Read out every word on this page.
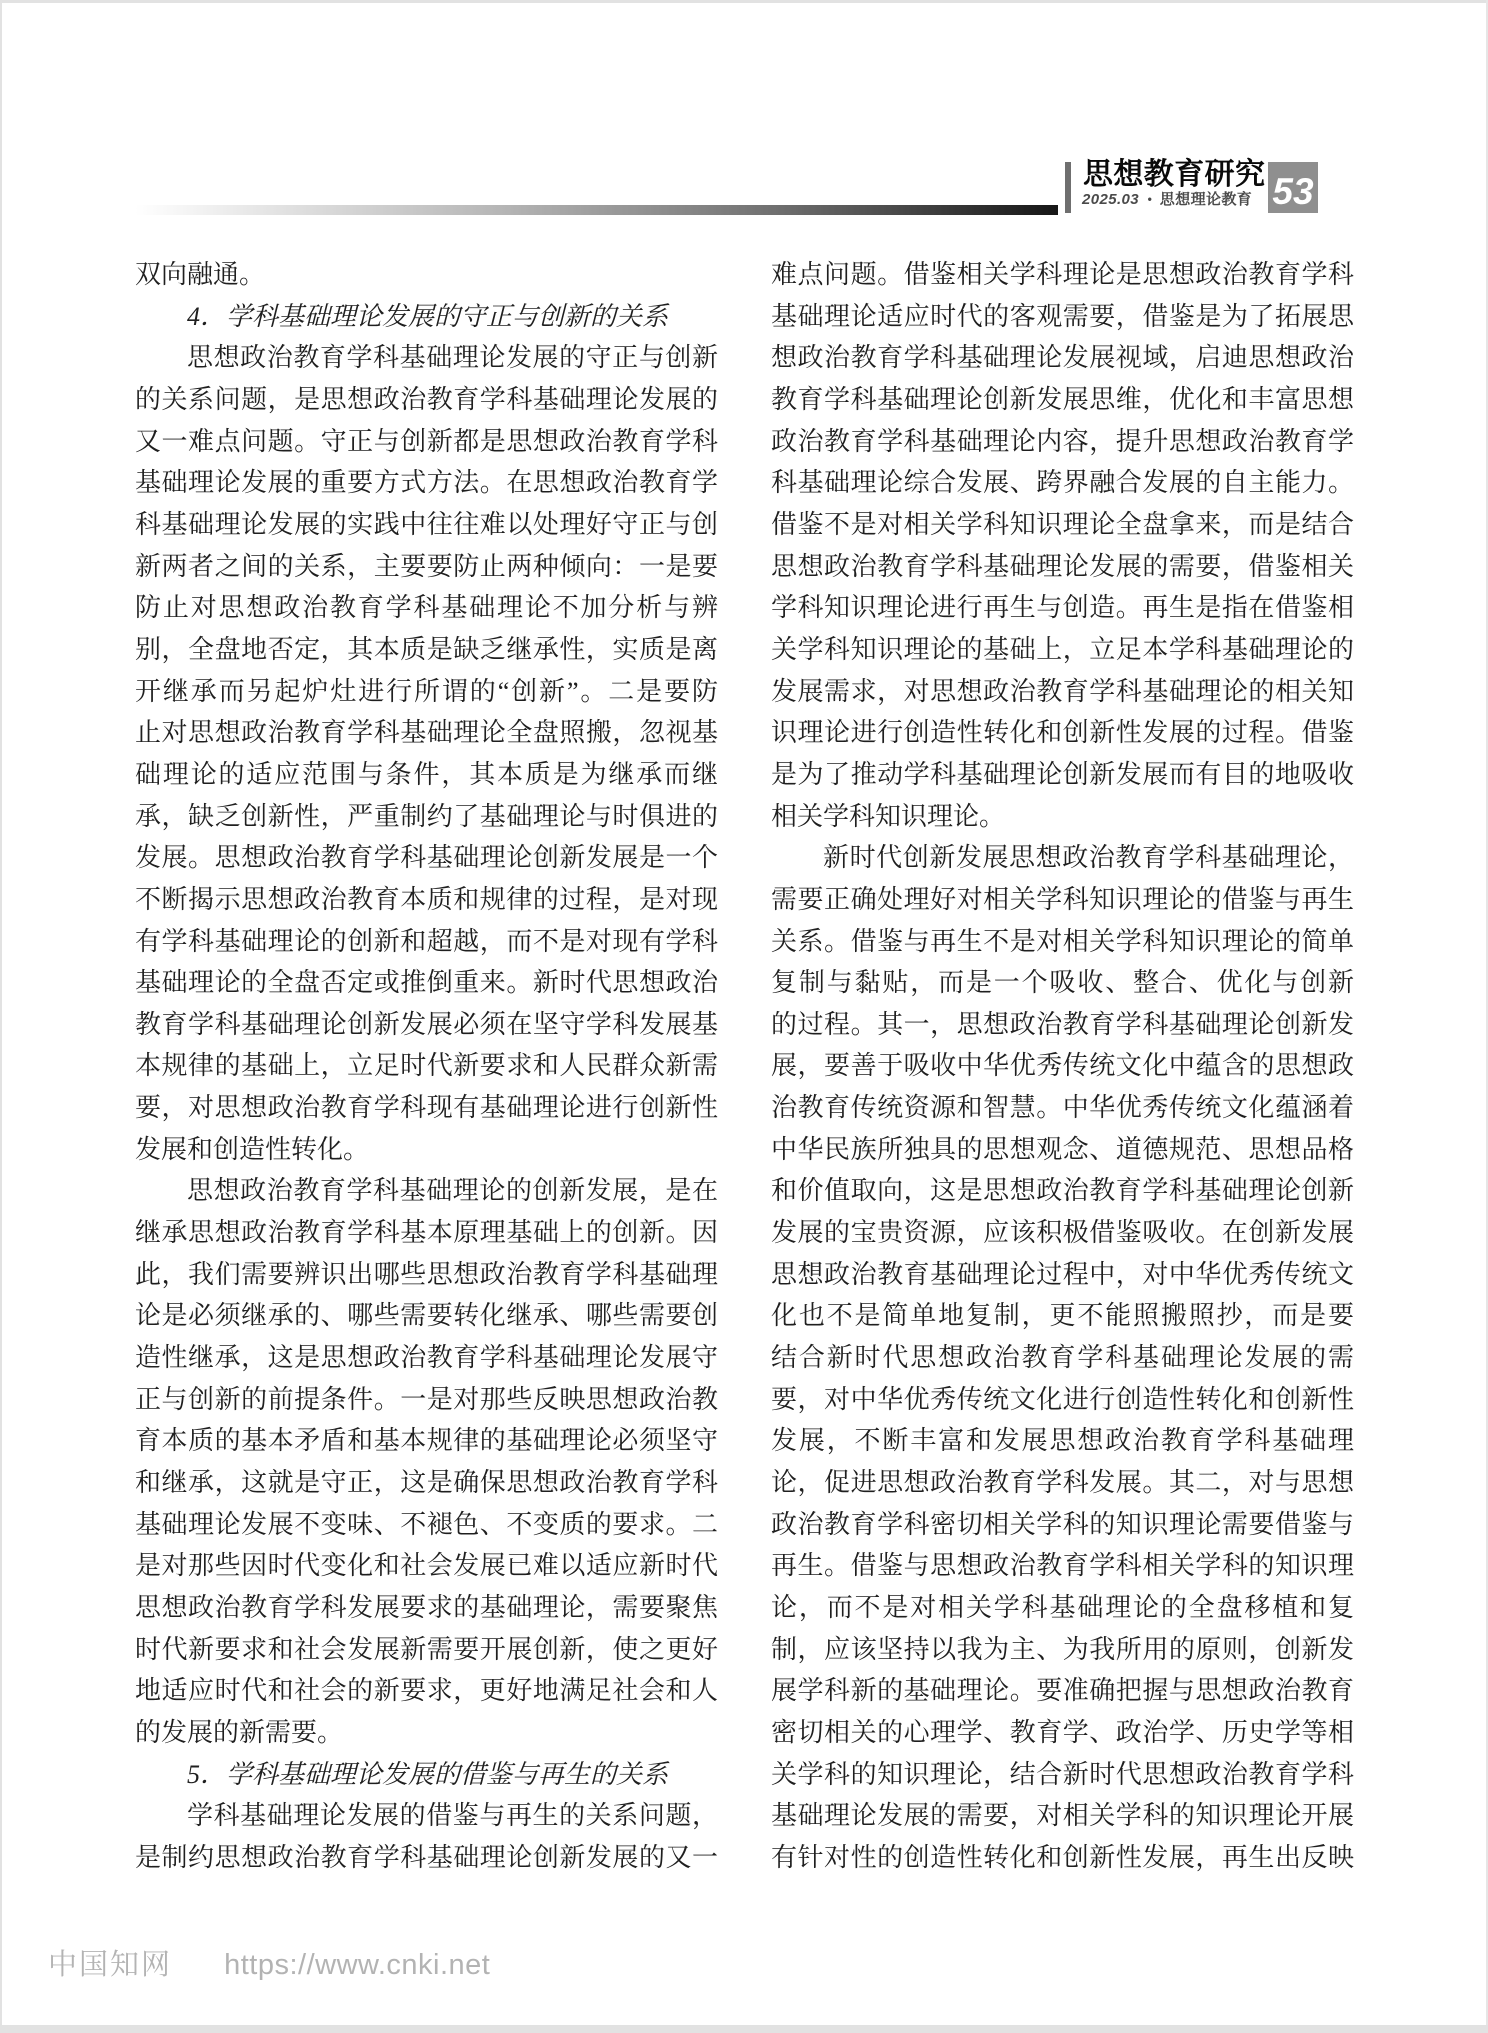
思想教育研究
2025.03 • 思想理论教育 53
双向融通。
4．学科基础理论发展的守正与创新的关系
思想政治教育学科基础理论发展的守正与创新
的关系问题，是思想政治教育学科基础理论发展的
又一难点问题。守正与创新都是思想政治教育学科
基础理论发展的重要方式方法。在思想政治教育学
科基础理论发展的实践中往往难以处理好守正与创
新两者之间的关系，主要要防止两种倾向：一是要
防止对思想政治教育学科基础理论不加分析与辨
别，全盘地否定，其本质是缺乏继承性，实质是离
开继承而另起炉灶进行所谓的“创新”。二是要防
止对思想政治教育学科基础理论全盘照搬，忽视基
础理论的适应范围与条件，其本质是为继承而继
承，缺乏创新性，严重制约了基础理论与时俱进的
发展。思想政治教育学科基础理论创新发展是一个
不断揭示思想政治教育本质和规律的过程，是对现
有学科基础理论的创新和超越，而不是对现有学科
基础理论的全盘否定或推倒重来。新时代思想政治
教育学科基础理论创新发展必须在坚守学科发展基
本规律的基础上，立足时代新要求和人民群众新需
要，对思想政治教育学科现有基础理论进行创新性
发展和创造性转化。
思想政治教育学科基础理论的创新发展，是在
继承思想政治教育学科基本原理基础上的创新。因
此，我们需要辨识出哪些思想政治教育学科基础理
论是必须继承的、哪些需要转化继承、哪些需要创
造性继承，这是思想政治教育学科基础理论发展守
正与创新的前提条件。一是对那些反映思想政治教
育本质的基本矛盾和基本规律的基础理论必须坚守
和继承，这就是守正，这是确保思想政治教育学科
基础理论发展不变味、不褪色、不变质的要求。二
是对那些因时代变化和社会发展已难以适应新时代
思想政治教育学科发展要求的基础理论，需要聚焦
时代新要求和社会发展新需要开展创新，使之更好
地适应时代和社会的新要求，更好地满足社会和人
的发展的新需要。
5．学科基础理论发展的借鉴与再生的关系
学科基础理论发展的借鉴与再生的关系问题，
是制约思想政治教育学科基础理论创新发展的又一
难点问题。借鉴相关学科理论是思想政治教育学科
基础理论适应时代的客观需要，借鉴是为了拓展思
想政治教育学科基础理论发展视域，启迪思想政治
教育学科基础理论创新发展思维，优化和丰富思想
政治教育学科基础理论内容，提升思想政治教育学
科基础理论综合发展、跨界融合发展的自主能力。
借鉴不是对相关学科知识理论全盘拿来，而是结合
思想政治教育学科基础理论发展的需要，借鉴相关
学科知识理论进行再生与创造。再生是指在借鉴相
关学科知识理论的基础上，立足本学科基础理论的
发展需求，对思想政治教育学科基础理论的相关知
识理论进行创造性转化和创新性发展的过程。借鉴
是为了推动学科基础理论创新发展而有目的地吸收
相关学科知识理论。
新时代创新发展思想政治教育学科基础理论，
需要正确处理好对相关学科知识理论的借鉴与再生
关系。借鉴与再生不是对相关学科知识理论的简单
复制与黏贴，而是一个吸收、整合、优化与创新
的过程。其一，思想政治教育学科基础理论创新发
展，要善于吸收中华优秀传统文化中蕴含的思想政
治教育传统资源和智慧。中华优秀传统文化蕴涵着
中华民族所独具的思想观念、道德规范、思想品格
和价值取向，这是思想政治教育学科基础理论创新
发展的宝贵资源，应该积极借鉴吸收。在创新发展
思想政治教育基础理论过程中，对中华优秀传统文
化也不是简单地复制，更不能照搬照抄，而是要
结合新时代思想政治教育学科基础理论发展的需
要，对中华优秀传统文化进行创造性转化和创新性
发展，不断丰富和发展思想政治教育学科基础理
论，促进思想政治教育学科发展。其二，对与思想
政治教育学科密切相关学科的知识理论需要借鉴与
再生。借鉴与思想政治教育学科相关学科的知识理
论，而不是对相关学科基础理论的全盘移植和复
制，应该坚持以我为主、为我所用的原则，创新发
展学科新的基础理论。要准确把握与思想政治教育
密切相关的心理学、教育学、政治学、历史学等相
关学科的知识理论，结合新时代思想政治教育学科
基础理论发展的需要，对相关学科的知识理论开展
有针对性的创造性转化和创新性发展，再生出反映
中国知网 https://www.cnki.net
